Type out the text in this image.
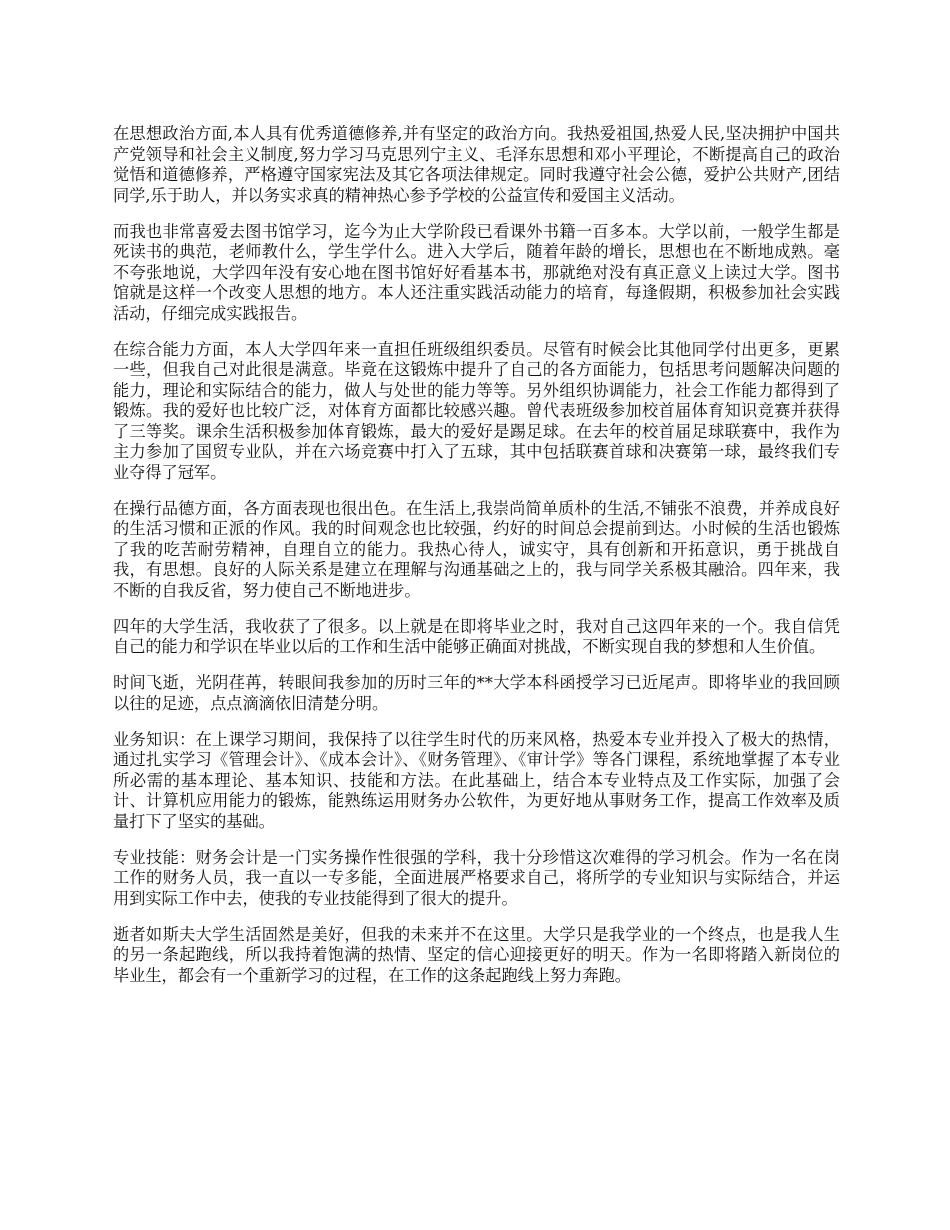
在思想政治方面,本人具有优秀道德修养,并有坚定的政治方向。我热爱祖国,热爱人民,坚决拥护中国共产党领导和社会主义制度,努力学习马克思列宁主义、毛泽东思想和邓小平理论，不断提高自己的政治觉悟和道德修养，严格遵守国家宪法及其它各项法律规定。同时我遵守社会公德，爱护公共财产,团结同学,乐于助人，并以务实求真的精神热心参予学校的公益宣传和爱国主义活动。

而我也非常喜爱去图书馆学习，迄今为止大学阶段已看课外书籍一百多本。大学以前，一般学生都是死读书的典范，老师教什么，学生学什么。进入大学后，随着年龄的增长，思想也在不断地成熟。毫不夸张地说，大学四年没有安心地在图书馆好好看基本书，那就绝对没有真正意义上读过大学。图书馆就是这样一个改变人思想的地方。本人还注重实践活动能力的培育，每逢假期，积极参加社会实践活动，仔细完成实践报告。

在综合能力方面，本人大学四年来一直担任班级组织委员。尽管有时候会比其他同学付出更多，更累一些，但我自己对此很是满意。毕竟在这锻炼中提升了自己的各方面能力，包括思考问题解决问题的能力，理论和实际结合的能力，做人与处世的能力等等。另外组织协调能力，社会工作能力都得到了锻炼。我的爱好也比较广泛，对体育方面都比较感兴趣。曾代表班级参加校首届体育知识竞赛并获得了三等奖。课余生活积极参加体育锻炼，最大的爱好是踢足球。在去年的校首届足球联赛中，我作为主力参加了国贸专业队，并在六场竞赛中打入了五球，其中包括联赛首球和决赛第一球，最终我们专业夺得了冠军。

在操行品德方面，各方面表现也很出色。在生活上,我崇尚简单质朴的生活,不铺张不浪费，并养成良好的生活习惯和正派的作风。我的时间观念也比较强，约好的时间总会提前到达。小时候的生活也锻炼了我的吃苦耐劳精神，自理自立的能力。我热心待人，诚实守，具有创新和开拓意识，勇于挑战自我，有思想。良好的人际关系是建立在理解与沟通基础之上的，我与同学关系极其融洽。四年来，我不断的自我反省，努力使自己不断地进步。

四年的大学生活，我收获了了很多。以上就是在即将毕业之时，我对自己这四年来的一个。我自信凭自己的能力和学识在毕业以后的工作和生活中能够正确面对挑战，不断实现自我的梦想和人生价值。

时间飞逝，光阴荏苒，转眼间我参加的历时三年的**大学本科函授学习已近尾声。即将毕业的我回顾以往的足迹，点点滴滴依旧清楚分明。

业务知识：在上课学习期间，我保持了以往学生时代的历来风格，热爱本专业并投入了极大的热情，通过扎实学习《管理会计》、《成本会计》、《财务管理》、《审计学》等各门课程，系统地掌握了本专业所必需的基本理论、基本知识、技能和方法。在此基础上，结合本专业特点及工作实际，加强了会计、计算机应用能力的锻炼，能熟练运用财务办公软件，为更好地从事财务工作，提高工作效率及质量打下了坚实的基础。

专业技能：财务会计是一门实务操作性很强的学科，我十分珍惜这次难得的学习机会。作为一名在岗工作的财务人员，我一直以一专多能，全面进展严格要求自己，将所学的专业知识与实际结合，并运用到实际工作中去，使我的专业技能得到了很大的提升。

逝者如斯夫大学生活固然是美好，但我的未来并不在这里。大学只是我学业的一个终点，也是我人生的另一条起跑线，所以我持着饱满的热情、坚定的信心迎接更好的明天。作为一名即将踏入新岗位的毕业生，都会有一个重新学习的过程，在工作的这条起跑线上努力奔跑。
